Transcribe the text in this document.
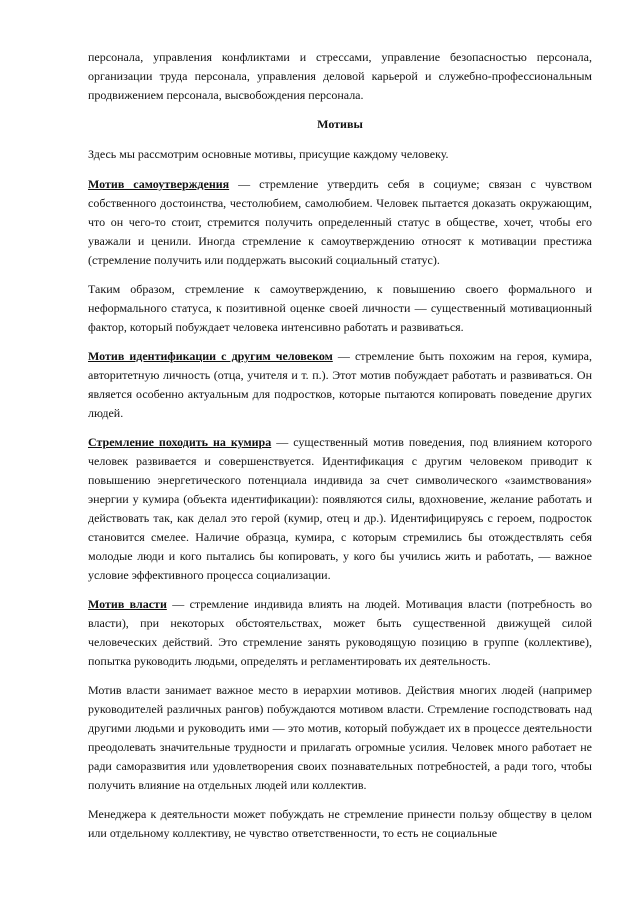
персонала, управления конфликтами и стрессами, управление безопасностью персонала, организации труда персонала, управления деловой карьерой и служебно-профессиональным продвижением персонала, высвобождения персонала.

Мотивы

Здесь мы рассмотрим основные мотивы, присущие каждому человеку.

Мотив самоутверждения — стремление утвердить себя в социуме; связан с чувством собственного достоинства, честолюбием, самолюбием. Человек пытается доказать окружающим, что он чего-то стоит, стремится получить определенный статус в обществе, хочет, чтобы его уважали и ценили. Иногда стремление к самоутверждению относят к мотивации престижа (стремление получить или поддержать высокий социальный статус).

Таким образом, стремление к самоутверждению, к повышению своего формального и неформального статуса, к позитивной оценке своей личности — существенный мотивационный фактор, который побуждает человека интенсивно работать и развиваться.

Мотив идентификации с другим человеком — стремление быть похожим на героя, кумира, авторитетную личность (отца, учителя и т. п.). Этот мотив побуждает работать и развиваться. Он является особенно актуальным для подростков, которые пытаются копировать поведение других людей.

Стремление походить на кумира — существенный мотив поведения, под влиянием которого человек развивается и совершенствуется. Идентификация с другим человеком приводит к повышению энергетического потенциала индивида за счет символического «заимствования» энергии у кумира (объекта идентификации): появляются силы, вдохновение, желание работать и действовать так, как делал это герой (кумир, отец и др.). Идентифицируясь с героем, подросток становится смелее. Наличие образца, кумира, с которым стремились бы отождествлять себя молодые люди и кого пытались бы копировать, у кого бы учились жить и работать, — важное условие эффективного процесса социализации.

Мотив власти — стремление индивида влиять на людей. Мотивация власти (потребность во власти), при некоторых обстоятельствах, может быть существенной движущей силой человеческих действий. Это стремление занять руководящую позицию в группе (коллективе), попытка руководить людьми, определять и регламентировать их деятельность.

Мотив власти занимает важное место в иерархии мотивов. Действия многих людей (например руководителей различных рангов) побуждаются мотивом власти. Стремление господствовать над другими людьми и руководить ими — это мотив, который побуждает их в процессе деятельности преодолевать значительные трудности и прилагать огромные усилия. Человек много работает не ради саморазвития или удовлетворения своих познавательных потребностей, а ради того, чтобы получить влияние на отдельных людей или коллектив.

Менеджера к деятельности может побуждать не стремление принести пользу обществу в целом или отдельному коллективу, не чувство ответственности, то есть не социальные
